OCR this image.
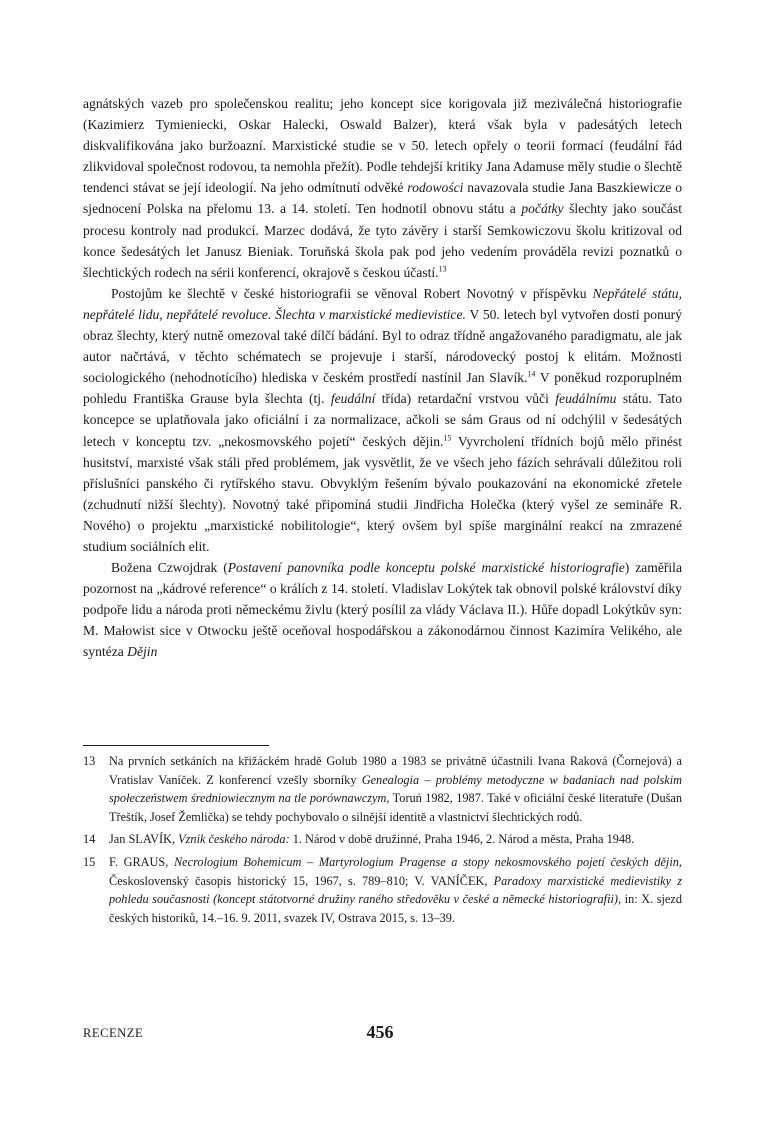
agnátských vazeb pro společenskou realitu; jeho koncept sice korigovala již meziválečná historiografie (Kazimierz Tymieniecki, Oskar Halecki, Oswald Balzer), která však byla v padesátých letech diskvalifikována jako buržoazní. Marxistické studie se v 50. letech opřely o teorii formací (feudální řád zlikvidoval společnost rodovou, ta nemohla přežít). Podle tehdejší kritiky Jana Adamuse měly studie o šlechtě tendenci stávat se její ideologií. Na jeho odmítnutí odvěké rodowości navazovala studie Jana Baszkiewicze o sjednocení Polska na přelomu 13. a 14. století. Ten hodnotil obnovu státu a počátky šlechty jako součást procesu kontroly nad produkcí. Marzec dodává, že tyto závěry i starší Semkowiczovu školu kritizoval od konce šedesátých let Janusz Bieniak. Toruňská škola pak pod jeho vedením prováděla revizi poznatků o šlechtických rodech na sérii konferencí, okrajově s českou účastí.$^{13}$

Postojům ke šlechtě v české historiografii se věnoval Robert Novotný v příspěvku Nepřátelé státu, nepřátelé lidu, nepřátelé revoluce. Šlechta v marxistické medievistice. V 50. letech byl vytvořen dosti ponurý obraz šlechty, který nutně omezoval také dílčí bádání. Byl to odraz třídně angažovaného paradigmatu, ale jak autor načrtává, v těchto schématech se projevuje i starší, národovecký postoj k elitám. Možnosti sociologického (nehodnotícího) hlediska v českém prostředí nastínil Jan Slavík.$^{14}$ V poněkud rozporuplném pohledu Františka Grause byla šlechta (tj. feudální třída) retardační vrstvou vůči feudálnímu státu. Tato koncepce se uplatňovala jako oficiální i za normalizace, ačkoli se sám Graus od ní odchýlil v šedesátých letech v konceptu tzv. „nekosmovského pojetí“ českých dějin.$^{15}$ Vyvrcholení třídních bojů mělo přinést husitství, marxisté však stáli před problémem, jak vysvětlit, že ve všech jeho fázích sehrávali důležitou roli příslušníci panského či rytířského stavu. Obvyklým řešením bývalo poukazování na ekonomické zřetele (zchudnutí nižší šlechty). Novotný také připomíná studii Jindřicha Holečka (který vyšel ze semináře R. Nového) o projektu „marxistické nobilitologie“, který ovšem byl spíše marginální reakcí na zmrazené studium sociálních elit.

Božena Czwojdrak (Postavení panovníka podle konceptu polské marxistické historiografie) zaměřila pozornost na „kádrové reference“ o králích z 14. století. Vladislav Lokýtek tak obnovil polské království díky podpoře lidu a národa proti německému živlu (který posílil za vlády Václava II.). Hůře dopadl Lokýtkův syn: M. Małowist sice v Otwocku ještě oceňoval hospodářskou a zákonodárnou činnost Kazimíra Velikého, ale syntéza Dějin

13	Na prvních setkáních na křižáckém hradě Golub 1980 a 1983 se privátně účastnili Ivana Raková (Čornejová) a Vratislav Vaníček. Z konferencí vzešly sborníky Genealogia – problémy metodyczne w badaniach nad polskim społeczeństwem średniowiecznym na tle porównawczym, Toruń 1982, 1987. Také v oficiální české literatuře (Dušan Třeštík, Josef Žemlička) se tehdy pochybovalo o silnější identitě a vlastnictví šlechtických rodů.
14	Jan SLAVÍK, Vznik českého národa: 1. Národ v době družinné, Praha 1946, 2. Národ a města, Praha 1948.
15	F. GRAUS, Necrologium Bohemicum – Martyrologium Pragense a stopy nekosmovského pojetí českých dějin, Československý časopis historický 15, 1967, s. 789–810; V. VANÍČEK, Paradoxy marxistické medievistiky z pohledu současnosti (koncept státotvorné družiny raného středověku v české a německé historiografii), in: X. sjezd českých historiků, 14.–16. 9. 2011, svazek IV, Ostrava 2015, s. 13–39.
RECENZE	456
